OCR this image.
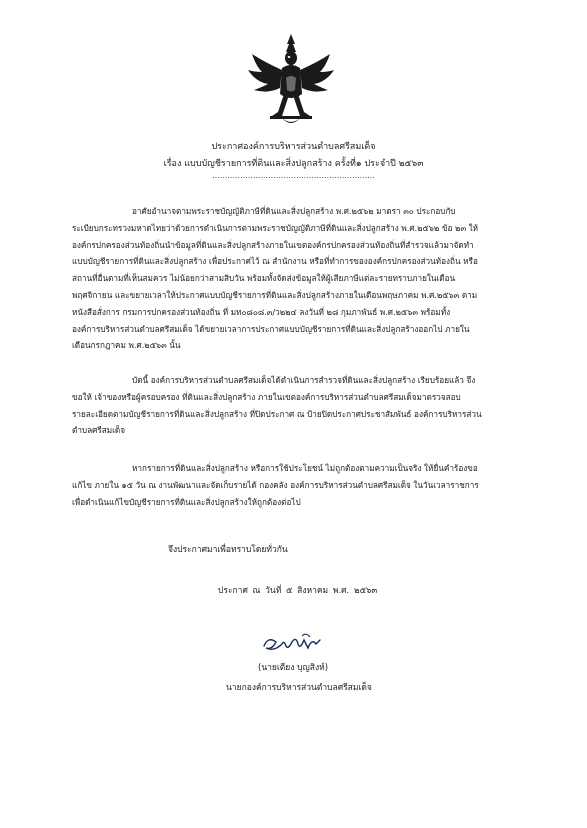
ประกาศองค์การบริหารส่วนตำบลศรีสมเด็จ
เรื่อง แบบบัญชีรายการที่ดินและสิ่งปลูกสร้าง ครั้งที่๑ ประจำปี ๒๕๖๓
................................................................
อาศัยอำนาจตามพระราชบัญญัติภาษีที่ดินและสิ่งปลูกสร้าง พ.ศ.๒๕๖๒ มาตรา ๓๐ ประกอบกับ
ระเบียบกระทรวงมหาดไทยว่าด้วยการดำเนินการตามพระราชบัญญัติภาษีที่ดินและสิ่งปลูกสร้าง พ.ศ.๒๕๖๒ ข้อ ๒๓ ให้
องค์กรปกครองส่วนท้องถิ่นนำข้อมูลที่ดินและสิ่งปลูกสร้างภายในเขตองค์กรปกครองส่วนท้องถิ่นที่สำรวจแล้วมาจัดทำ
แบบบัญชีรายการที่ดินและสิ่งปลูกสร้าง เพื่อประกาศไว้ ณ สำนักงาน หรือที่ทำการขององค์กรปกครองส่วนท้องถิ่น หรือ
สถานที่อื่นตามที่เห็นสมควร ไม่น้อยกว่าสามสิบวัน พร้อมทั้งจัดส่งข้อมูลให้ผู้เสียภาษีแต่ละรายทราบภายในเดือน
พฤศจิกายน และขยายเวลาให้ประกาศแบบบัญชีรายการที่ดินและสิ่งปลูกสร้างภายในเดือนพฤษภาคม พ.ศ.๒๕๖๓ ตาม
หนังสือสั่งการ กรมการปกครองส่วนท้องถิ่น ที่ มท๐๘๐๘.๓/ว๒๒๔ ลงวันที่ ๒๘ กุมภาพันธ์ พ.ศ.๒๕๖๓ พร้อมทั้ง
องค์การบริหารส่วนตำบลศรีสมเด็จ ได้ขยายเวลาการประกาศแบบบัญชีรายการที่ดินและสิ่งปลูกสร้างออกไป ภายใน
เดือนกรกฎาคม พ.ศ.๒๕๖๓ นั้น
บัดนี้ องค์การบริหารส่วนตำบลศรีสมเด็จได้ดำเนินการสำรวจที่ดินและสิ่งปลูกสร้าง เรียบร้อยแล้ว จึง
ขอให้ เจ้าของหรือผู้ครอบครอง ที่ดินและสิ่งปลูกสร้าง ภายในเขตองค์การบริหารส่วนตำบลศรีสมเด็จมาตรวจสอบ
รายละเอียดตามบัญชีรายการที่ดินและสิ่งปลูกสร้าง ที่ปิดประกาศ ณ ป้ายปิดประกาศประชาสัมพันธ์ องค์การบริหารส่วน
ตำบลศรีสมเด็จ
หากรายการที่ดินและสิ่งปลูกสร้าง หรือการใช้ประโยชน์ ไม่ถูกต้องตามความเป็นจริง ให้ยื่นคำร้องขอ
แก้ไข ภายใน ๑๕ วัน ณ งานพัฒนาและจัดเก็บรายได้ กองคลัง องค์การบริหารส่วนตำบลศรีสมเด็จ ในวันเวลาราชการ
เพื่อดำเนินแก้ไขบัญชีรายการที่ดินและสิ่งปลูกสร้างให้ถูกต้องต่อไป
จึงประกาศมาเพื่อทราบโดยทั่วกัน
ประกาศ ณ วันที่ ๕ สิงหาคม พ.ศ. ๒๕๖๓
(นายเตียง บุญสิงห์)
นายกองค์การบริหารส่วนตำบลศรีสมเด็จ
